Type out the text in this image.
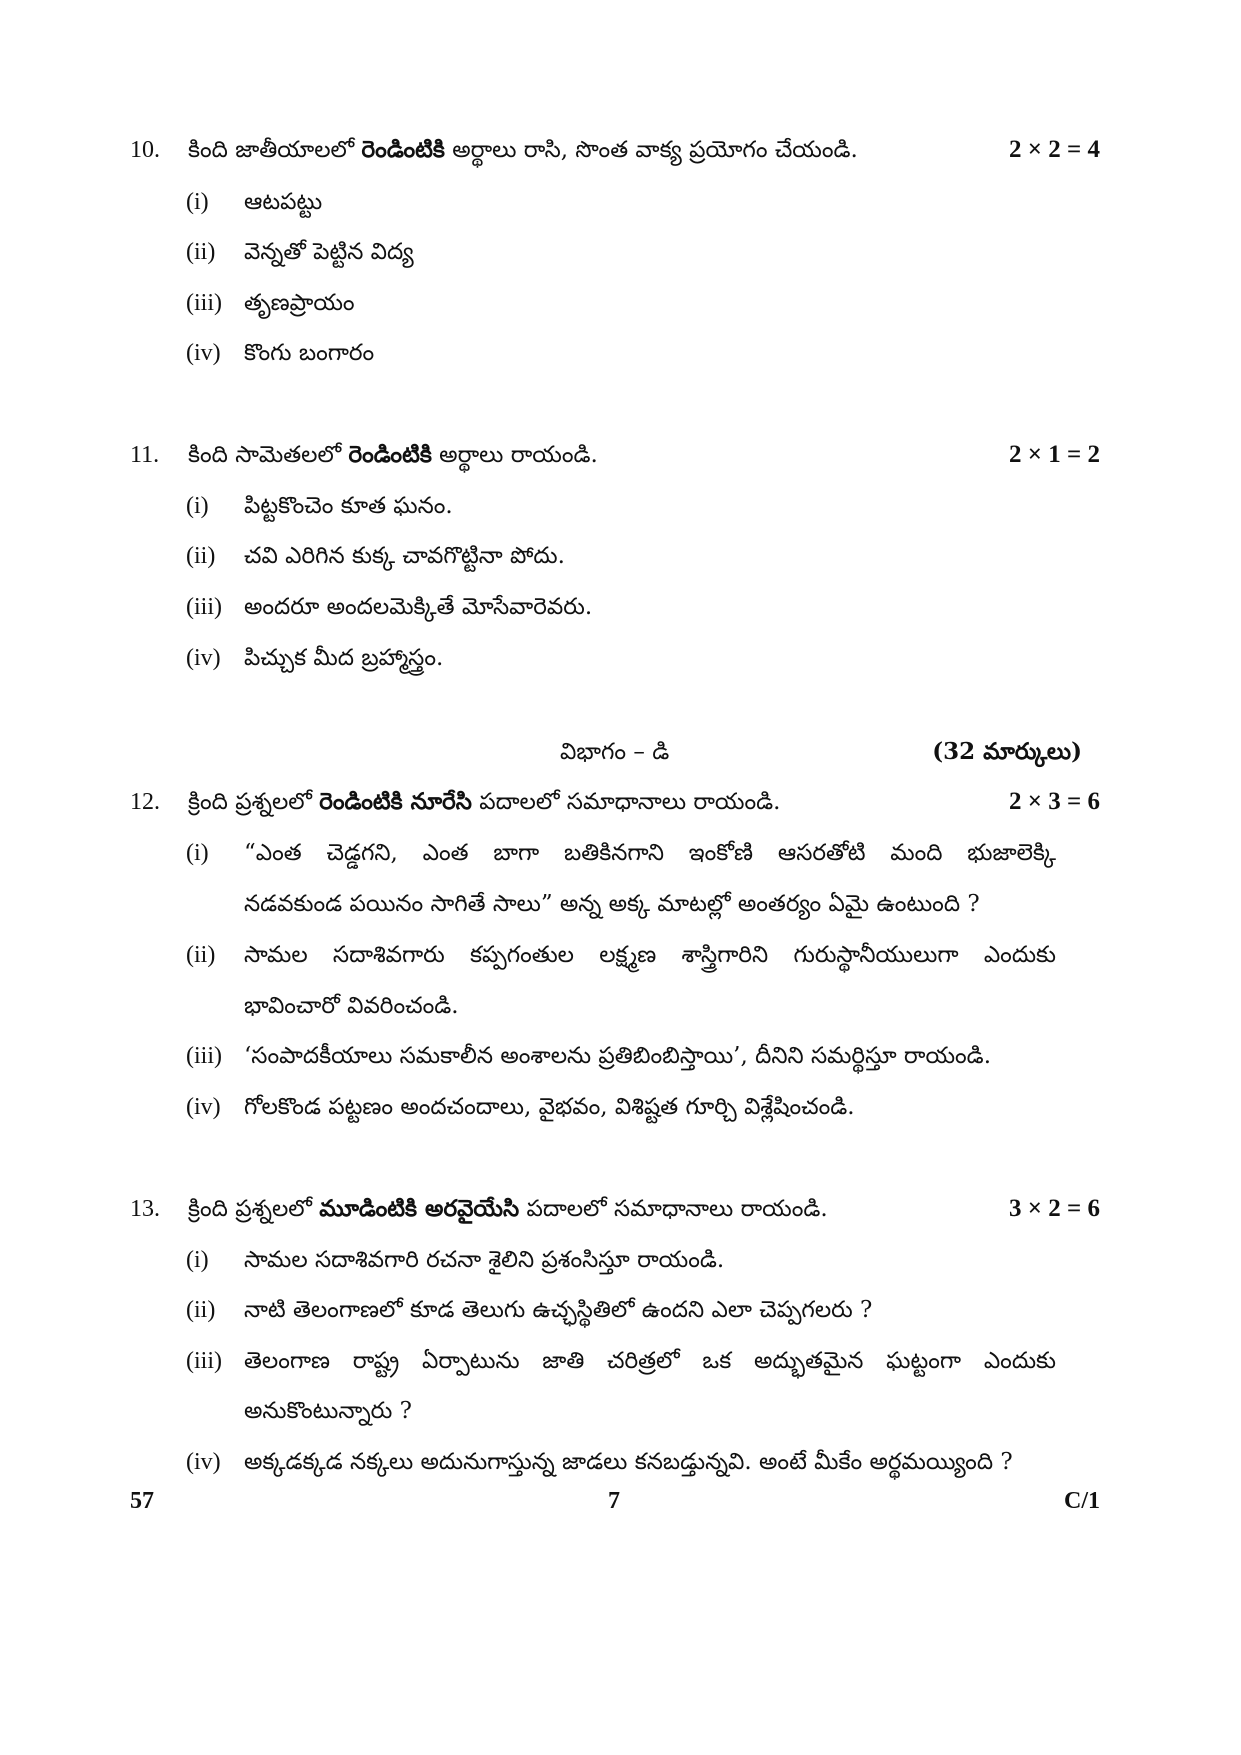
10. కింది జాతీయాలలో రెండింటికి అర్థాలు రాసి, సొంత వాక్య ప్రయోగం చేయండి.	2 × 2 = 4
(i) ఆటపట్టు
(ii) వెన్నతో పెట్టిన విద్య
(iii) తృణప్రాయం
(iv) కొంగు బంగారం
11. కింది సామెతలలో రెండింటికి అర్థాలు రాయండి.	2 × 1 = 2
(i) పిట్టకొంచెం కూత ఘనం.
(ii) చవి ఎరిగిన కుక్క చావగొట్టినా పోదు.
(iii) అందరూ అందలమెక్కితే మోసేవారెవరు.
(iv) పిచ్చుక మీద బ్రహ్మాస్త్రం.
విభాగం – డి	(32 మార్కులు)
12. క్రింది ప్రశ్నలలో రెండింటికి నూరేసి పదాలలో సమాధానాలు రాయండి.	2 × 3 = 6
(i) “ఎంత చెడ్డగని, ఎంత బాగా బతికినగాని ఇంకోణి ఆసరతోటి మంది భుజాలెక్కి
నడవకుండ పయినం సాగితే సాలు” అన్న అక్క మాటల్లో అంతర్యం ఏమై ఉంటుంది ?
(ii) సామల సదాశివగారు కప్పగంతుల లక్ష్మణ శాస్త్రిగారిని గురుస్థానీయులుగా ఎందుకు
భావించారో వివరించండి.
(iii) ‘సంపాదకీయాలు సమకాలీన అంశాలను ప్రతిబింబిస్తాయి’, దీనిని సమర్థిస్తూ రాయండి.
(iv) గోలకొండ పట్టణం అందచందాలు, వైభవం, విశిష్టత గూర్చి విశ్లేషించండి.
13. క్రింది ప్రశ్నలలో మూడింటికి అరవైయేసి పదాలలో సమాధానాలు రాయండి.	3 × 2 = 6
(i) సామల సదాశివగారి రచనా శైలిని ప్రశంసిస్తూ రాయండి.
(ii) నాటి తెలంగాణలో కూడ తెలుగు ఉచ్ఛస్థితిలో ఉందని ఎలా చెప్పగలరు ?
(iii) తెలంగాణ రాష్ట్ర ఏర్పాటును జాతి చరిత్రలో ఒక అద్భుతమైన ఘట్టంగా ఎందుకు
అనుకొంటున్నారు ?
(iv) అక్కడక్కడ నక్కలు అదునుగాస్తున్న జాడలు కనబడ్తున్నవి. అంటే మీకేం అర్థమయ్యింది ?
57	7	C/1
